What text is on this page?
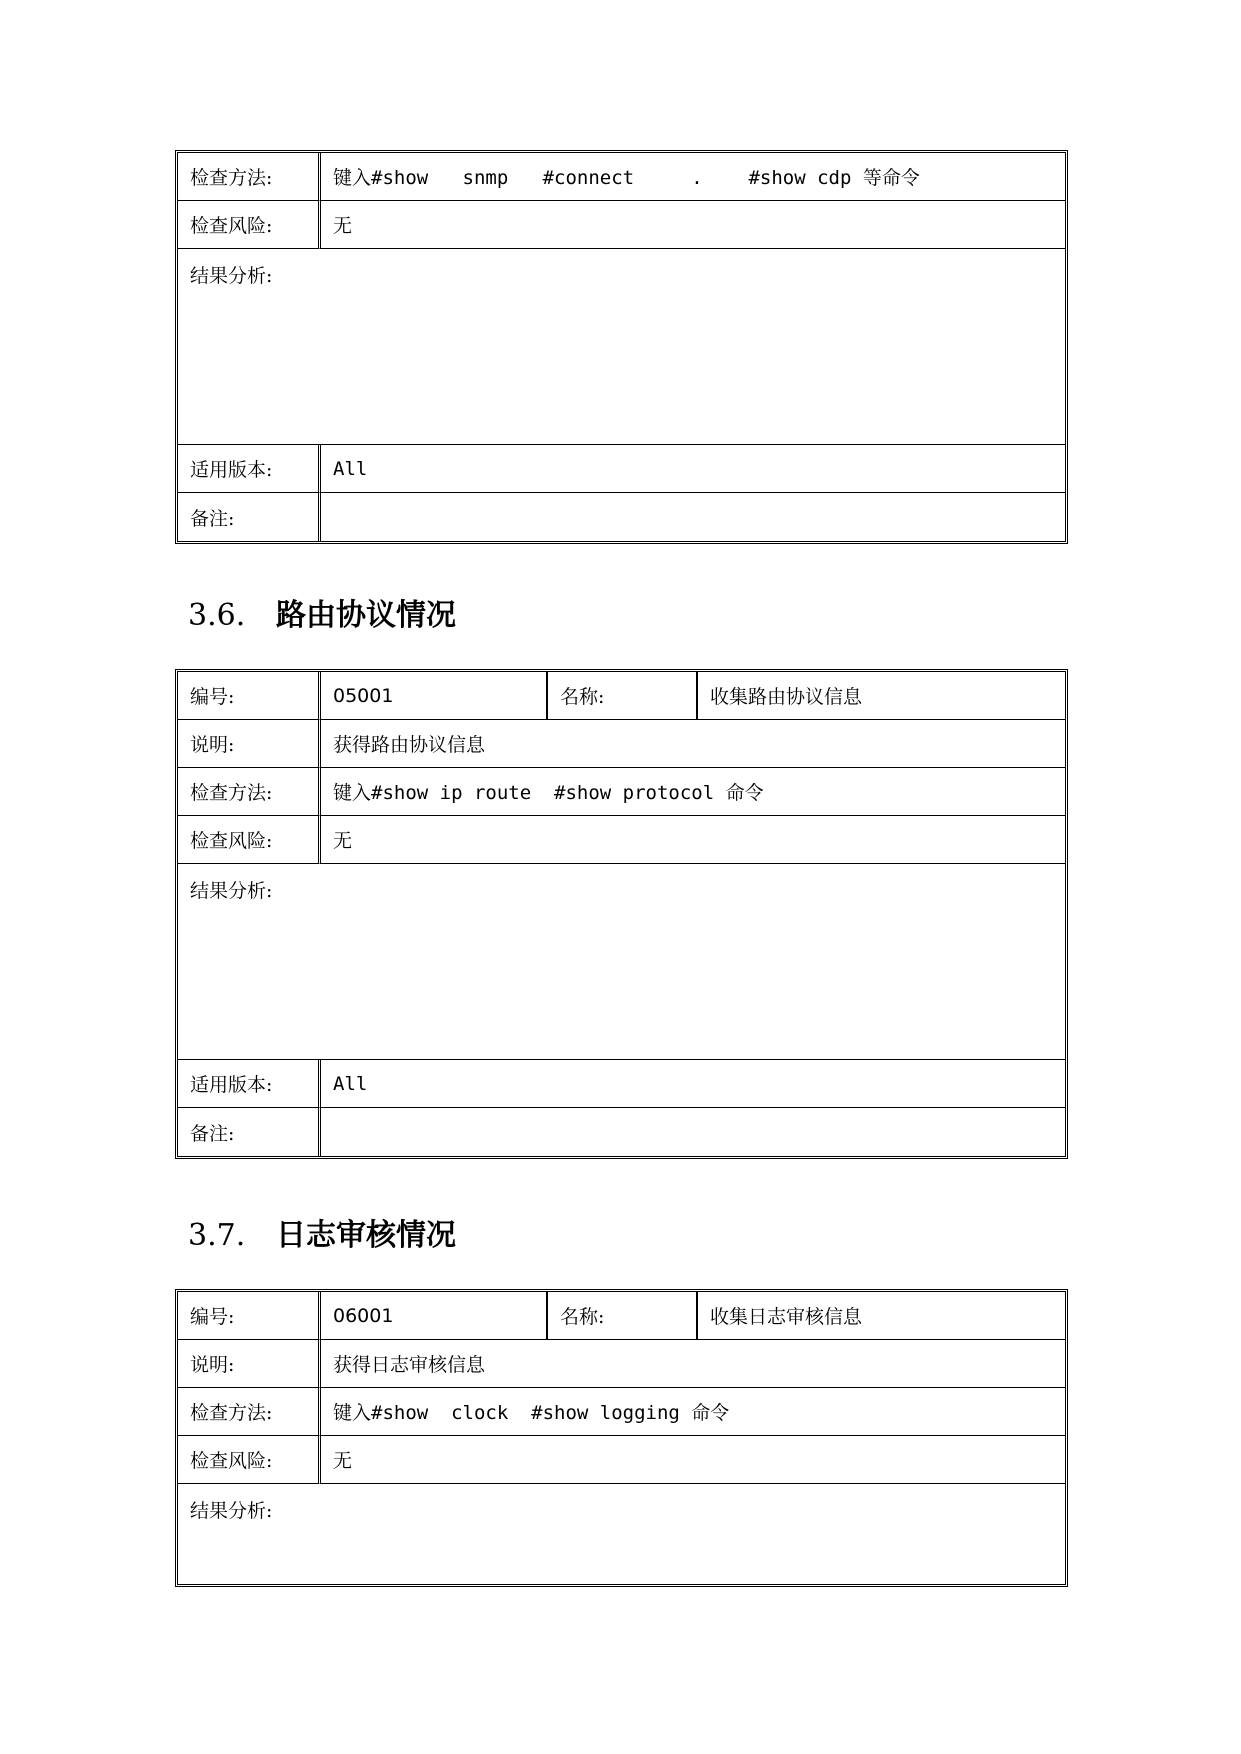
检查方法:	键入#show   snmp   #connect     .    #show cdp 等命令
检查风险:	无
结果分析:	
适用版本:	All
备注:	
3.6. 路由协议情况
编号:	05001	名称:	收集路由协议信息
说明:	获得路由协议信息		
检查方法:	键入#show ip route  #show protocol 命令		
检查风险:	无		
结果分析:			
适用版本:	All		
备注:			
3.7. 日志审核情况
编号:	06001	名称:	收集日志审核信息
说明:	获得日志审核信息		
检查方法:	键入#show  clock  #show logging 命令		
检查风险:	无		
结果分析:			
